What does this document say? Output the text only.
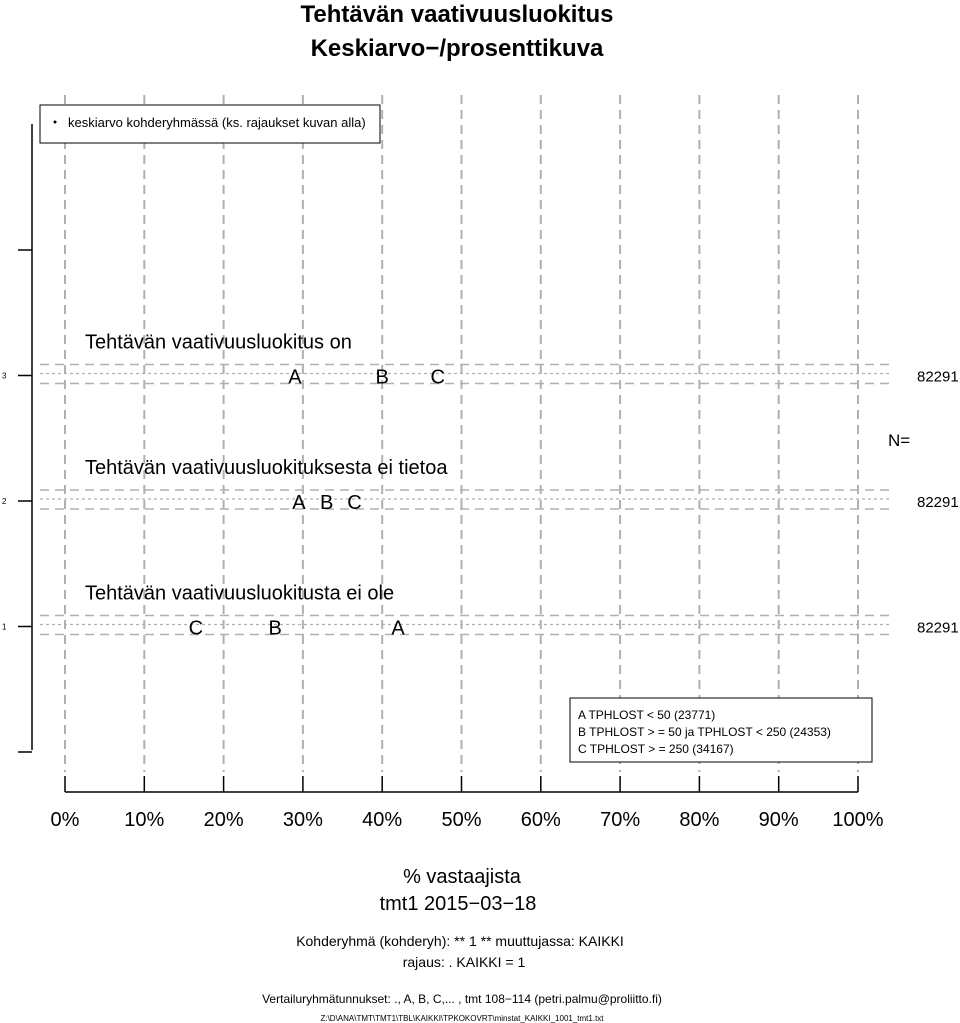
Tehtävän vaativuusluokitus
Keskiarvo−/prosenttikuva
1
2
3
keskiarvo kohderyhmässä (ks. rajaukset kuvan alla)
Tehtävän vaativuusluokitus on
A	B C	82291
Tehtävän vaativuusluokituksesta ei tietoa
A B C	82291
Tehtävän vaativuusluokitusta ei ole
C	B	A	82291
N=
A TPHLOST < 50 (23771)
B TPHLOST > = 50 ja TPHLOST < 250 (24353)
C TPHLOST > = 250 (34167)
0% 10% 20% 30% 40% 50% 60% 70% 80% 90% 100%
% vastaajista
tmt1 2015−03−18
Kohderyhmä (kohderyh): ** 1 ** muuttujassa: KAIKKI
rajaus: . KAIKKI = 1
Vertailuryhmätunnukset: ., A, B, C,... , tmt 108−114 (petri.palmu@proliitto.fi)
Z:\D\ANA\TMT\TMT1\TBL\KAIKKI\TPKOKOVRT\minstat_KAIKKI_1001_tmt1.txt
